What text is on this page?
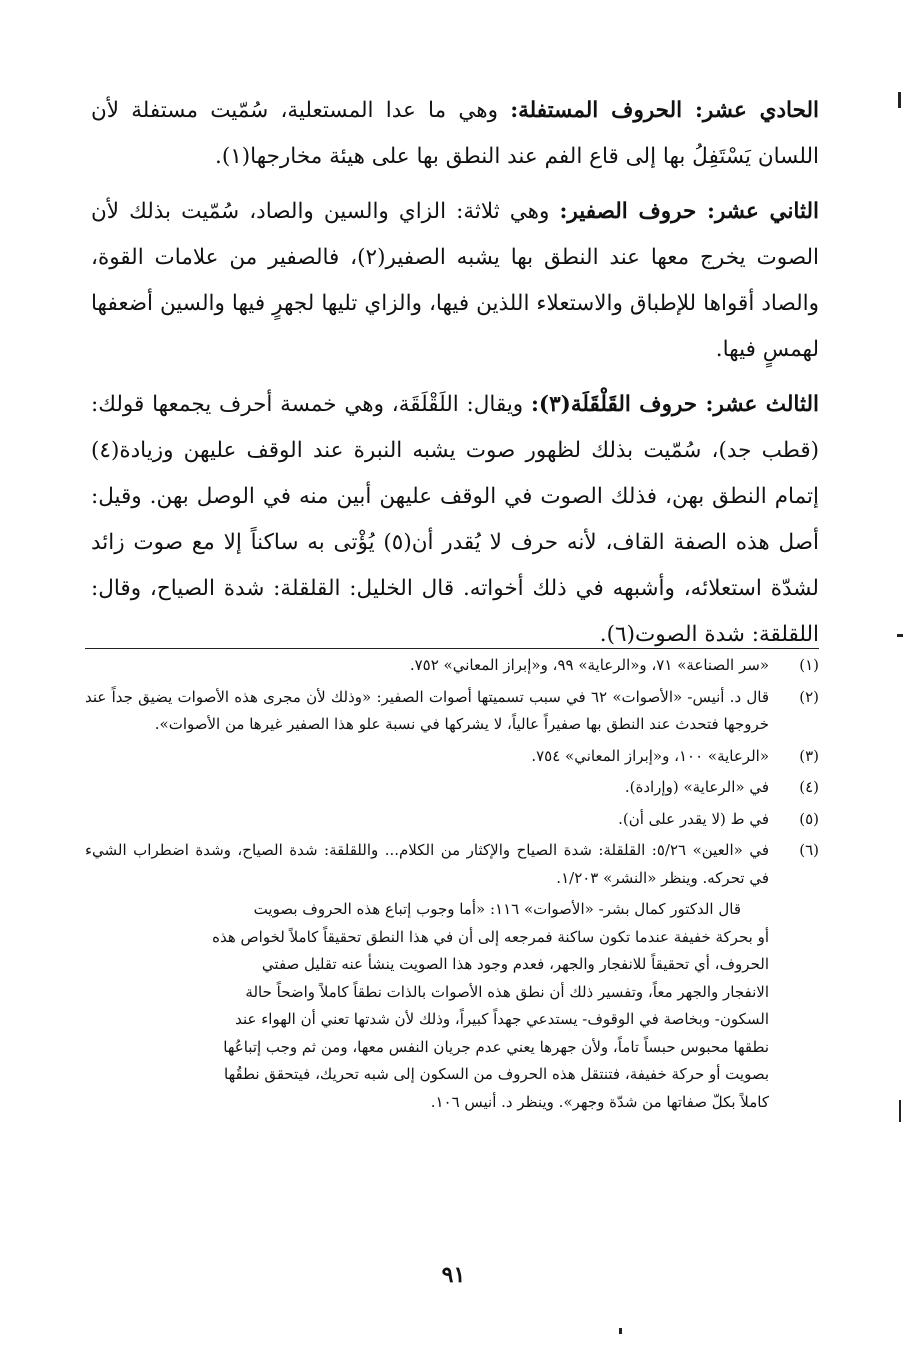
الحادي عشر: الحروف المستفلة: وهي ما عدا المستعلية، سُمّيت مستفلة لأن اللسان يَسْتَفِلُ بها إلى قاع الفم عند النطق بها على هيئة مخارجها(١).

الثاني عشر: حروف الصفير: وهي ثلاثة: الزاي والسين والصاد، سُمّيت بذلك لأن الصوت يخرج معها عند النطق بها يشبه الصفير(٢)، فالصفير من علامات القوة، والصاد أقواها للإطباق والاستعلاء اللذين فيها، والزاي تليها لجهرٍ فيها والسين أضعفها لهمسٍ فيها.

الثالث عشر: حروف القَلْقَلَة(٣): ويقال: اللَقْلَقَة، وهي خمسة أحرف يجمعها قولك: (قطب جد)، سُمّيت بذلك لظهور صوت يشبه النبرة عند الوقف عليهن وزيادة(٤) إتمام النطق بهن، فذلك الصوت في الوقف عليهن أبين منه في الوصل بهن. وقيل: أصل هذه الصفة القاف، لأنه حرف لا يُقدر أن(٥) يُؤْتى به ساكناً إلا مع صوت زائد لشدّة استعلائه، وأشبهه في ذلك أخواته. قال الخليل: القلقلة: شدة الصياح، وقال: اللقلقة: شدة الصوت(٦).

(١)
«سر الصناعة» ٧١، و«الرعاية» ٩٩، و«إبراز المعاني» ٧٥٢.
(٢)
قال د. أنيس- «الأصوات» ٦٢ في سبب تسميتها أصوات الصفير: «وذلك لأن مجرى هذه الأصوات يضيق جداً عند خروجها فتحدث عند النطق بها صفيراً عالياً، لا يشركها في نسبة علو هذا الصفير غيرها من الأصوات».
(٣)
«الرعاية» ١٠٠، و«إبراز المعاني» ٧٥٤.
(٤)
في «الرعاية» (وإرادة).
(٥)
في ط (لا يقدر على أن).
(٦)
في «العين» ٥/٢٦: القلقلة: شدة الصياح والإكثار من الكلام... واللقلقة: شدة الصياح، وشدة اضطراب الشيء في تحركه. وينظر «النشر» ١/٢٠٣.
قال الدكتور كمال بشر- «الأصوات» ١١٦: «أما وجوب إتباع هذه الحروف بصويت
أو بحركة خفيفة عندما تكون ساكنة فمرجعه إلى أن في هذا النطق تحقيقاً كاملاً لخواص هذه
الحروف، أي تحقيقاً للانفجار والجهر، فعدم وجود هذا الصويت ينشأ عنه تقليل صفتي
الانفجار والجهر معاً، وتفسير ذلك أن نطق هذه الأصوات بالذات نطقاً كاملاً واضحاً حالة
السكون- وبخاصة في الوقوف- يستدعي جهداً كبيراً، وذلك لأن شدتها تعني أن الهواء عند
نطقها محبوس حبساً تاماً، ولأن جهرها يعني عدم جريان النفس معها، ومن ثم وجب إتباعُها
بصويت أو حركة خفيفة، فتنتقل هذه الحروف من السكون إلى شبه تحريك، فيتحقق نطقُها
كاملاً بكلّ صفاتها من شدّة وجهر». وينظر د. أنيس ١٠٦.
٩١
